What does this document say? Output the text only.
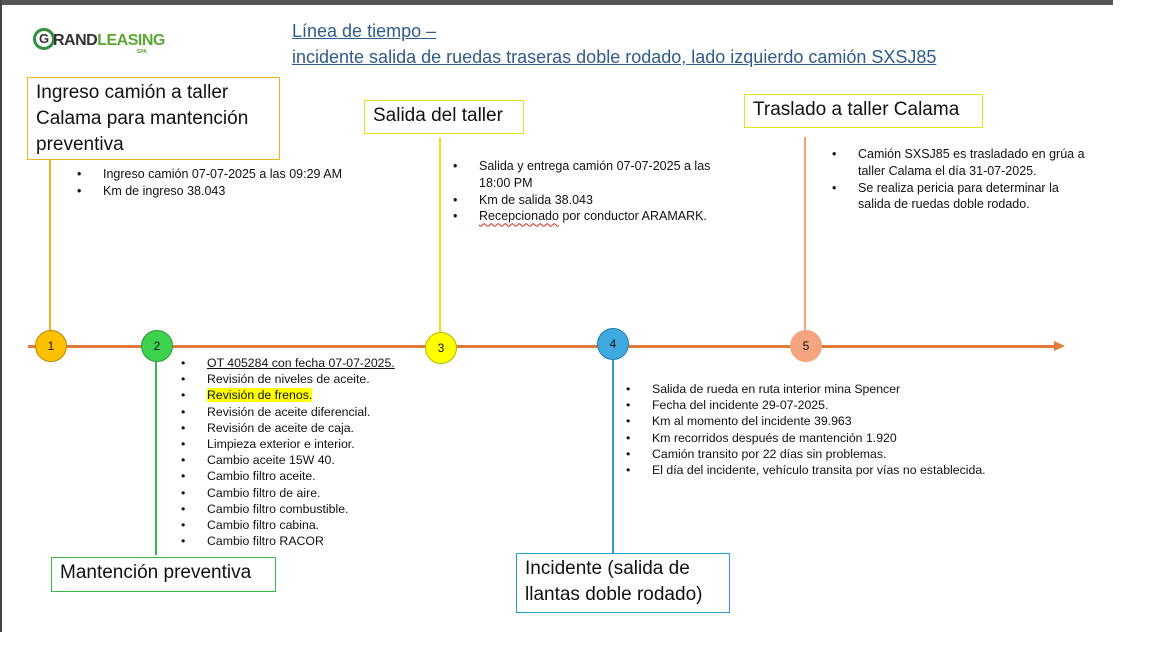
G RANDLEASING
SPA
Línea de tiempo –
incidente salida de ruedas traseras doble rodado, lado izquierdo camión SXSJ85
1	2	3	4	5
Ingreso camión a taller Calama para mantención preventiva
Salida del taller	Traslado a taller Calama
Mantención preventiva	Incidente (salida de llantas doble rodado)
• Ingreso camión 07-07-2025 a las 09:29 AM
• Km de ingreso 38.043
• Salida y entrega camión 07-07-2025 a las 18:00 PM
• Km de salida 38.043
• Recepcionado por conductor ARAMARK.
• Camión SXSJ85 es trasladado en grúa a taller Calama el día 31-07-2025.
• Se realiza pericia para determinar la salida de ruedas doble rodado.
• OT 405284 con fecha 07-07-2025.
• Revisión de niveles de aceite.
• Revisión de frenos.
• Revisión de aceite diferencial.
• Revisión de aceite de caja.
• Limpieza exterior e interior.
• Cambio aceite 15W 40.
• Cambio filtro aceite.
• Cambio filtro de aire.
• Cambio filtro combustible.
• Cambio filtro cabina.
• Cambio filtro RACOR
• Salida de rueda en ruta interior mina Spencer
• Fecha del incidente 29-07-2025.
• Km al momento del incidente 39.963
• Km recorridos después de mantención 1.920
• Camión transito por 22 días sin problemas.
• El día del incidente, vehículo transita por vías no establecida.
